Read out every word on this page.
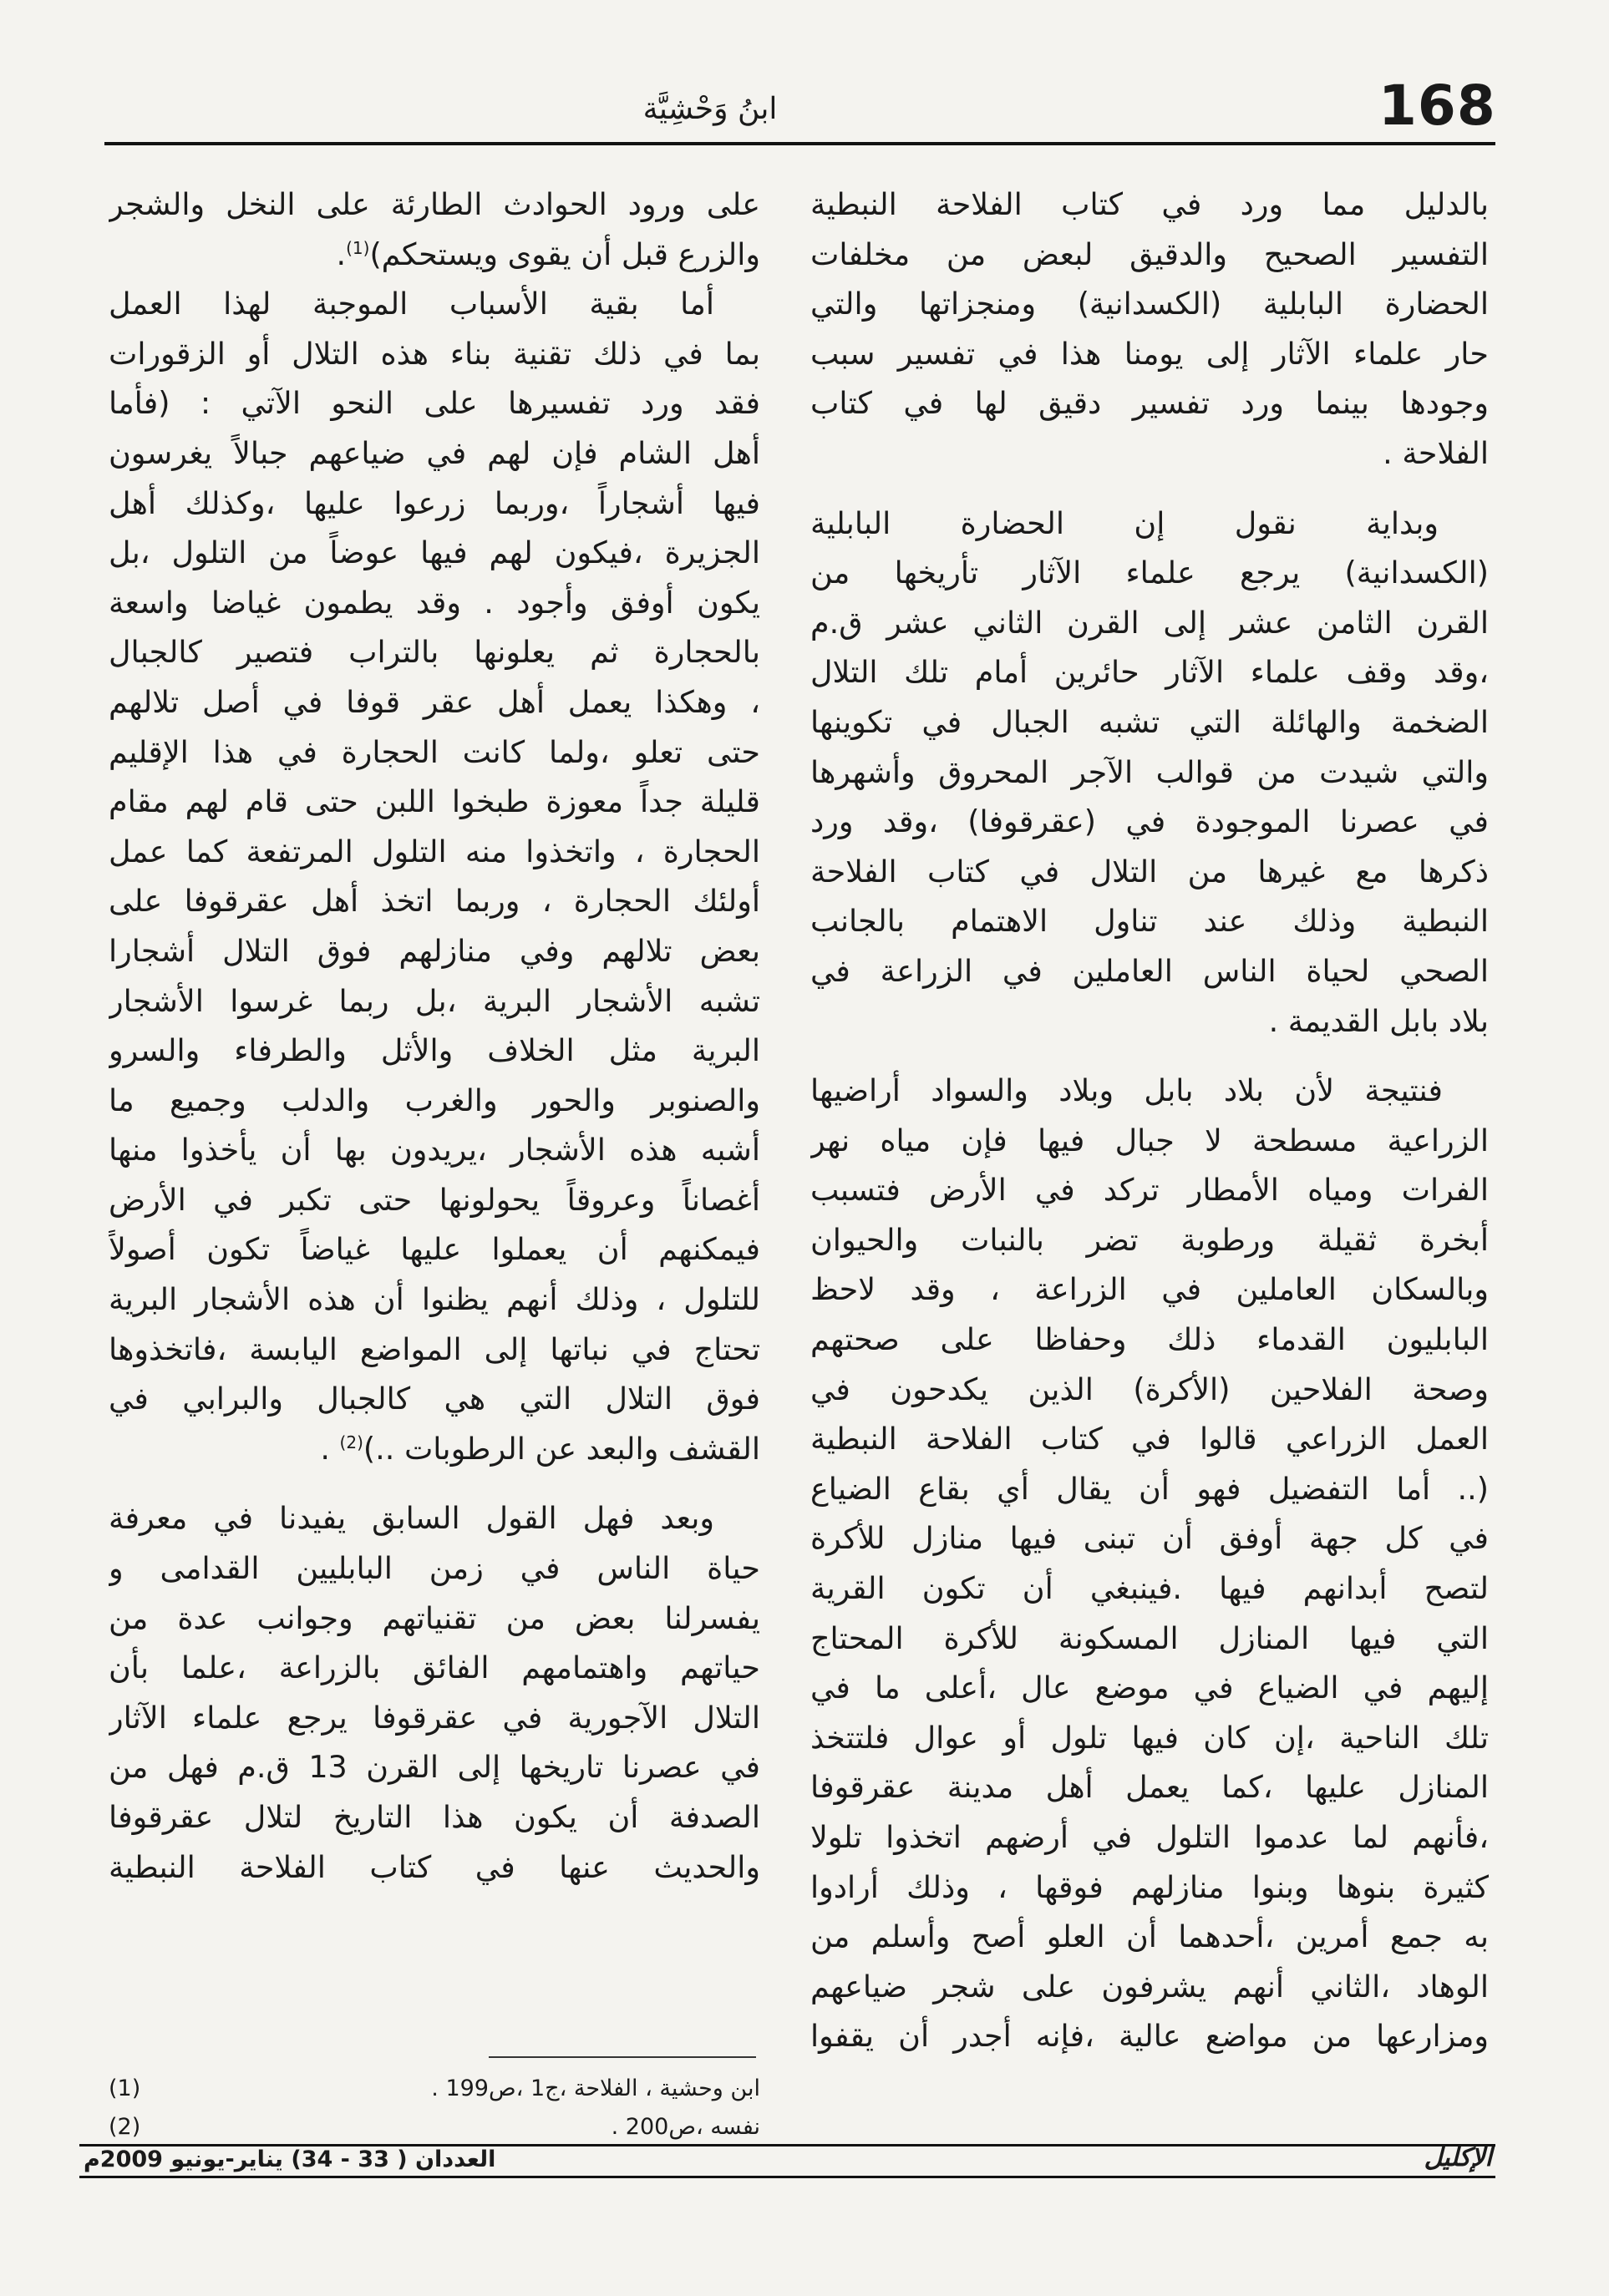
168
ابنُ وَحْشِيَّة
بالدليل مما ورد في كتاب الفلاحة النبطية
التفسير الصحيح والدقيق لبعض من مخلفات
الحضارة البابلية (الكسدانية) ومنجزاتها والتي
حار علماء الآثار إلى يومنا هذا في تفسير سبب
وجودها بينما ورد تفسير دقيق لها في كتاب
الفلاحة .
وبداية نقول إن الحضارة البابلية
(الكسدانية) يرجع علماء الآثار تأريخها من
القرن الثامن عشر إلى القرن الثاني عشر ق.م
،وقد وقف علماء الآثار حائرين أمام تلك التلال
الضخمة والهائلة التي تشبه الجبال في تكوينها
والتي شيدت من قوالب الآجر المحروق وأشهرها
في عصرنا الموجودة في (عقرقوفا) ،وقد ورد
ذكرها مع غيرها من التلال في كتاب الفلاحة
النبطية وذلك عند تناول الاهتمام بالجانب
الصحي لحياة الناس العاملين في الزراعة في
بلاد بابل القديمة .
فنتيجة لأن بلاد بابل وبلاد والسواد أراضيها
الزراعية مسطحة لا جبال فيها فإن مياه نهر
الفرات ومياه الأمطار تركد في الأرض فتسبب
أبخرة ثقيلة ورطوبة تضر بالنبات والحيوان
وبالسكان العاملين في الزراعة ، وقد لاحظ
البابليون القدماء ذلك وحفاظا على صحتهم
وصحة الفلاحين (الأكرة) الذين يكدحون في
العمل الزراعي قالوا في كتاب الفلاحة النبطية
(.. أما التفضيل فهو أن يقال أي بقاع الضياع
في كل جهة أوفق أن تبنى فيها منازل للأكرة
لتصح أبدانهم فيها .فينبغي أن تكون القرية
التي فيها المنازل المسكونة للأكرة المحتاج
إليهم في الضياع في موضع عال ،أعلى ما في
تلك الناحية ،إن كان فيها تلول أو عوال فلتتخذ
المنازل عليها ،كما يعمل أهل مدينة عقرقوفا
،فأنهم لما عدموا التلول في أرضهم اتخذوا تلولا
كثيرة بنوها وبنوا منازلهم فوقها ، وذلك أرادوا
به جمع أمرين ،أحدهما أن العلو أصح وأسلم من
الوهاد ،الثاني أنهم يشرفون على شجر ضياعهم
ومزارعها من مواضع عالية ،فإنه أجدر أن يقفوا
على ورود الحوادث الطارئة على النخل والشجر
والزرع قبل أن يقوى ويستحكم)$^{(1)}$.
أما بقية الأسباب الموجبة لهذا العمل
بما في ذلك تقنية بناء هذه التلال أو الزقورات
فقد ورد تفسيرها على النحو الآتي : (فأما
أهل الشام فإن لهم في ضياعهم جبالاً يغرسون
فيها أشجاراً ،وربما زرعوا عليها ،وكذلك أهل
الجزيرة ،فيكون لهم فيها عوضاً من التلول ،بل
يكون أوفق وأجود . وقد يطمون غياضا واسعة
بالحجارة ثم يعلونها بالتراب فتصير كالجبال
، وهكذا يعمل أهل عقر قوفا في أصل تلالهم
حتى تعلو ،ولما كانت الحجارة في هذا الإقليم
قليلة جداً معوزة طبخوا اللبن حتى قام لهم مقام
الحجارة ، واتخذوا منه التلول المرتفعة كما عمل
أولئك الحجارة ، وربما اتخذ أهل عقرقوفا على
بعض تلالهم وفي منازلهم فوق التلال أشجارا
تشبه الأشجار البرية ،بل ربما غرسوا الأشجار
البرية مثل الخلاف والأثل والطرفاء والسرو
والصنوبر والحور والغرب والدلب وجميع ما
أشبه هذه الأشجار ،يريدون بها أن يأخذوا منها
أغصاناً وعروقاً يحولونها حتى تكبر في الأرض
فيمكنهم أن يعملوا عليها غياضاً تكون أصولاً
للتلول ، وذلك أنهم يظنوا أن هذه الأشجار البرية
تحتاج في نباتها إلى المواضع اليابسة ،فاتخذوها
فوق التلال التي هي كالجبال والبرابي في
القشف والبعد عن الرطوبات ..)$^{(2)}$ .
وبعد فهل القول السابق يفيدنا في معرفة
حياة الناس في زمن البابليين القدامى و
يفسرلنا بعض من تقنياتهم وجوانب عدة من
حياتهم واهتمامهم الفائق بالزراعة ،علما بأن
التلال الآجورية في عقرقوفا يرجع علماء الآثار
في عصرنا تاريخها إلى القرن 13 ق.م فهل من
الصدفة أن يكون هذا التاريخ لتلال عقرقوفا
والحديث عنها في كتاب الفلاحة النبطية
ابن وحشية ، الفلاحة ،ج1 ،ص199 .
(1)
نفسه ،ص200 .
(2)
الإكليل
العددان ( 33 - 34) يناير-يونيو 2009م
